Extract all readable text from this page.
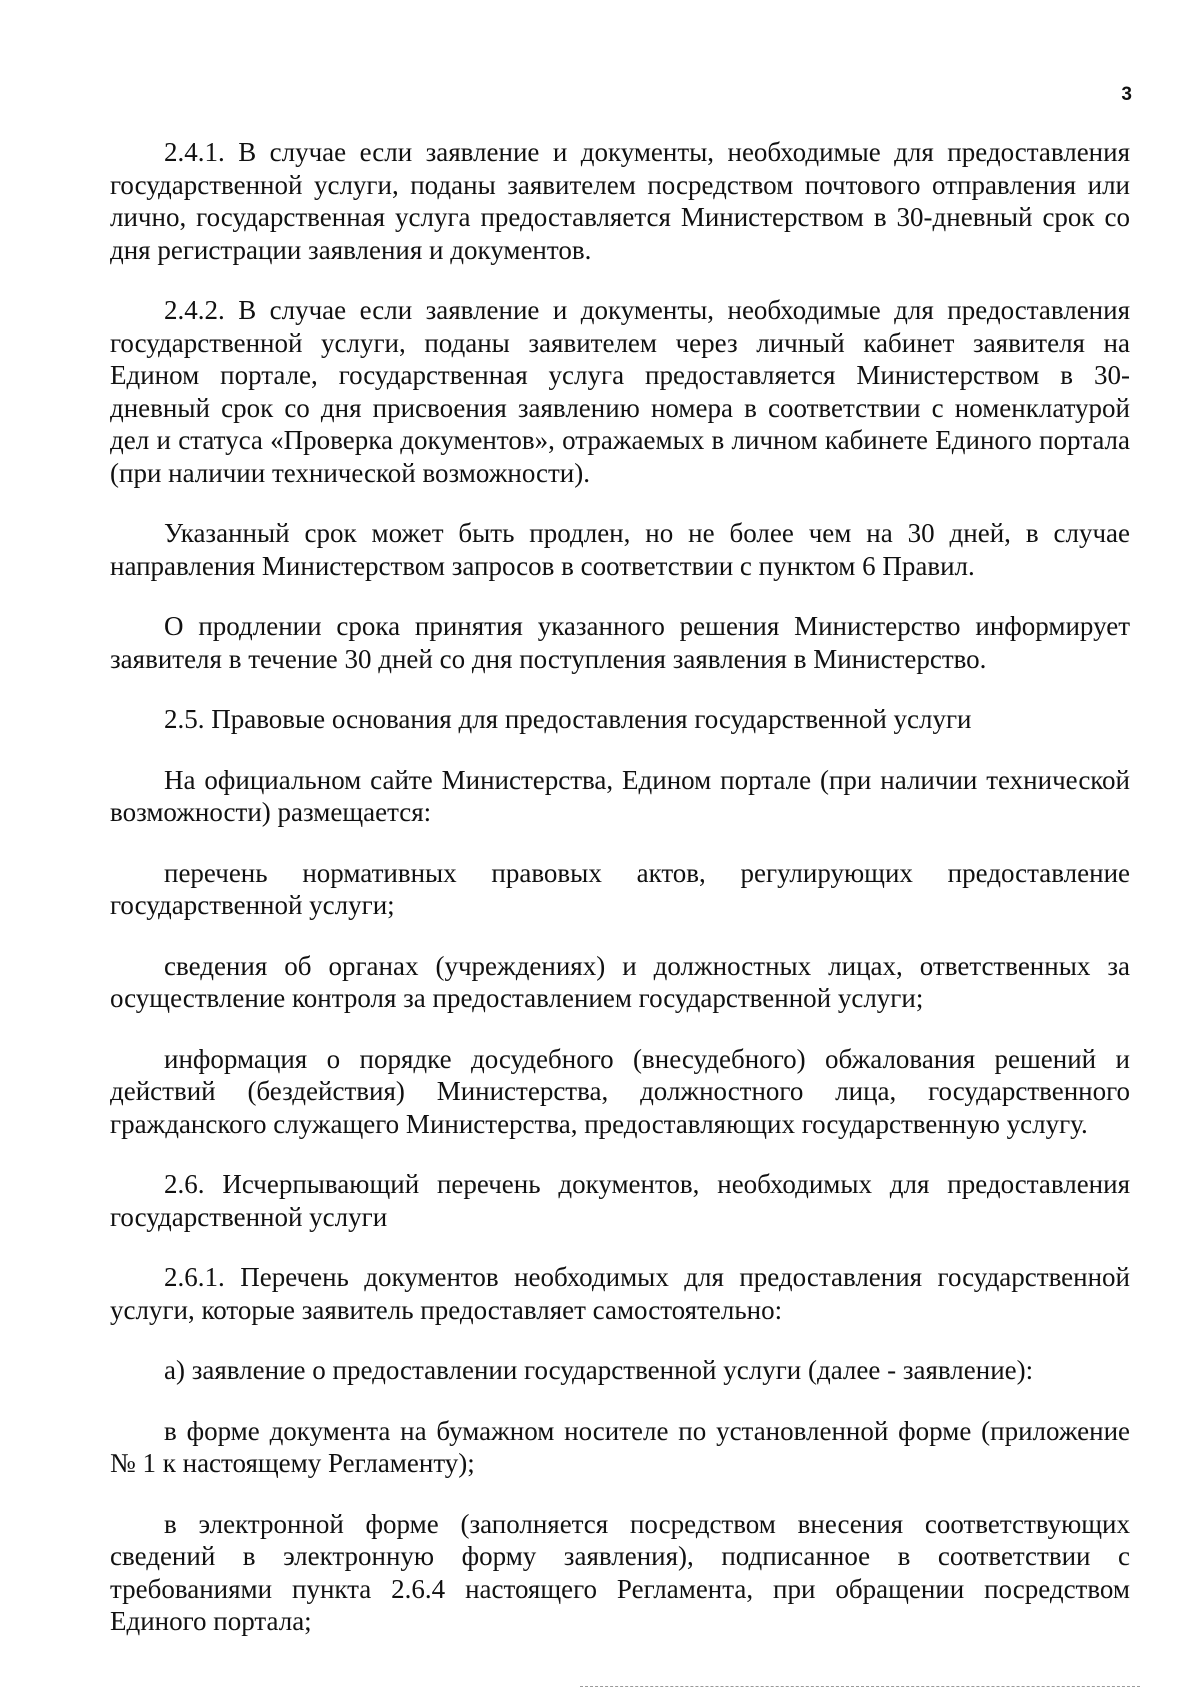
3

2.4.1. В случае если заявление и документы, необходимые для предоставления государственной услуги, поданы заявителем посредством почтового отправления или лично, государственная услуга предоставляется Министерством в 30-дневный срок со дня регистрации заявления и документов.

2.4.2. В случае если заявление и документы, необходимые для предоставления государственной услуги, поданы заявителем через личный кабинет заявителя на Едином портале, государственная услуга предоставляется Министерством в 30-дневный срок со дня присвоения заявлению номера в соответствии с номенклатурой дел и статуса «Проверка документов», отражаемых в личном кабинете Единого портала (при наличии технической возможности).

Указанный срок может быть продлен, но не более чем на 30 дней, в случае направления Министерством запросов в соответствии с пунктом 6 Правил.

О продлении срока принятия указанного решения Министерство информирует заявителя в течение 30 дней со дня поступления заявления в Министерство.

2.5. Правовые основания для предоставления государственной услуги

На официальном сайте Министерства, Едином портале (при наличии технической возможности) размещается:

перечень нормативных правовых актов, регулирующих предоставление государственной услуги;

сведения об органах (учреждениях) и должностных лицах, ответственных за осуществление контроля за предоставлением государственной услуги;

информация о порядке досудебного (внесудебного) обжалования решений и действий (бездействия) Министерства, должностного лица, государственного гражданского служащего Министерства, предоставляющих государственную услугу.

2.6. Исчерпывающий перечень документов, необходимых для предоставления государственной услуги

2.6.1. Перечень документов необходимых для предоставления государственной услуги, которые заявитель предоставляет самостоятельно:

а) заявление о предоставлении государственной услуги (далее - заявление):

в форме документа на бумажном носителе по установленной форме (приложение № 1 к настоящему Регламенту);

в электронной форме (заполняется посредством внесения соответствующих сведений в электронную форму заявления), подписанное в соответствии с требованиями пункта 2.6.4 настоящего Регламента, при обращении посредством Единого портала;
